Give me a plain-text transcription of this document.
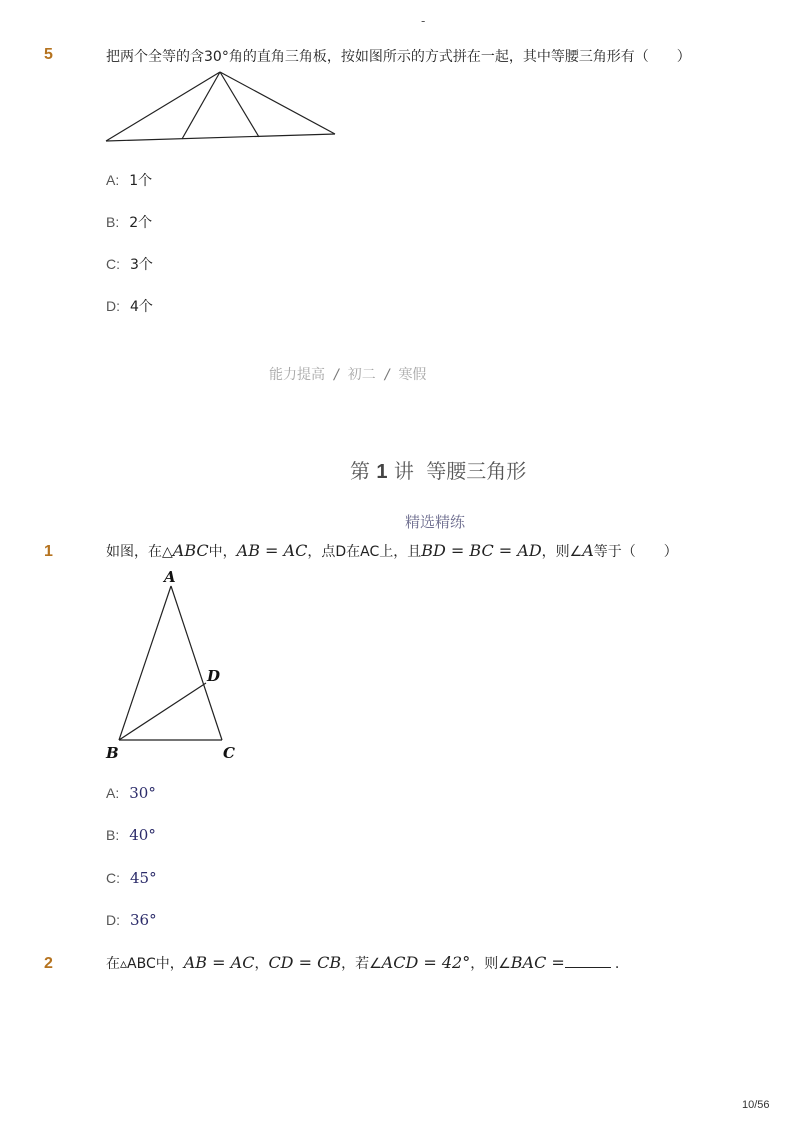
-
5	把两个全等的含30°角的直角三角板，按如图所示的方式拼在一起，其中等腰三角形有（　　）
A: 1个
B: 2个
C: 3个
D: 4个
能力提高 / 初二 / 寒假
第 1 讲 等腰三角形
精选精练
1	如图，在△ABC中，AB = AC，点D在AC上，且BD = BC = AD，则∠A等于（　　）
A
B	C
D
A: 30°
B: 40°
C: 45°
D: 36°
2	在▵ABC中，AB = AC，CD = CB，若∠ACD = 42°，则∠BAC =	.
10/56
